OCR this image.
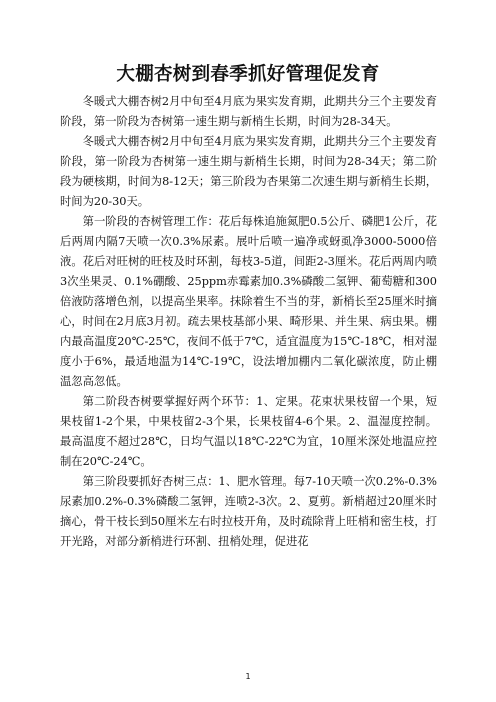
大棚杏树到春季抓好管理促发育

冬暖式大棚杏树2月中旬至4月底为果实发育期，此期共分三个主要发育阶段，第一阶段为杏树第一速生期与新梢生长期，时间为28-34天。

冬暖式大棚杏树2月中旬至4月底为果实发育期，此期共分三个主要发育阶段，第一阶段为杏树第一速生期与新梢生长期，时间为28-34天；第二阶段为硬核期，时间为8-12天；第三阶段为杏果第二次速生期与新梢生长期，时间为20-30天。

第一阶段的杏树管理工作：花后每株追施氮肥0.5公斤、磷肥1公斤，花后两周内隔7天喷一次0.3%尿素。展叶后喷一遍净或蚜虱净3000-5000倍液。花后对旺树的旺枝及时环割，每枝3-5道，间距2-3厘米。花后两周内喷3次坐果灵、0.1%硼酸、25ppm赤霉素加0.3%磷酸二氢钾、葡萄糖和300倍液防落增色剂，以提高坐果率。抹除着生不当的芽，新梢长至25厘米时摘心，时间在2月底3月初。疏去果枝基部小果、畸形果、并生果、病虫果。棚内最高温度20℃-25℃，夜间不低于7℃，适宜温度为15℃-18℃，相对湿度小于6%，最适地温为14℃-19℃，设法增加棚内二氧化碳浓度，防止棚温忽高忽低。

第二阶段杏树要掌握好两个环节：1、定果。花束状果枝留一个果，短果枝留1-2个果，中果枝留2-3个果，长果枝留4-6个果。2、温湿度控制。最高温度不超过28℃，日均气温以18℃-22℃为宜，10厘米深处地温应控制在20℃-24℃。

第三阶段要抓好杏树三点：1、肥水管理。每7-10天喷一次0.2%-0.3%尿素加0.2%-0.3%磷酸二氢钾，连喷2-3次。2、夏剪。新梢超过20厘米时摘心，骨干枝长到50厘米左右时拉枝开角，及时疏除背上旺梢和密生枝，打开光路，对部分新梢进行环割、扭梢处理，促进花

1
